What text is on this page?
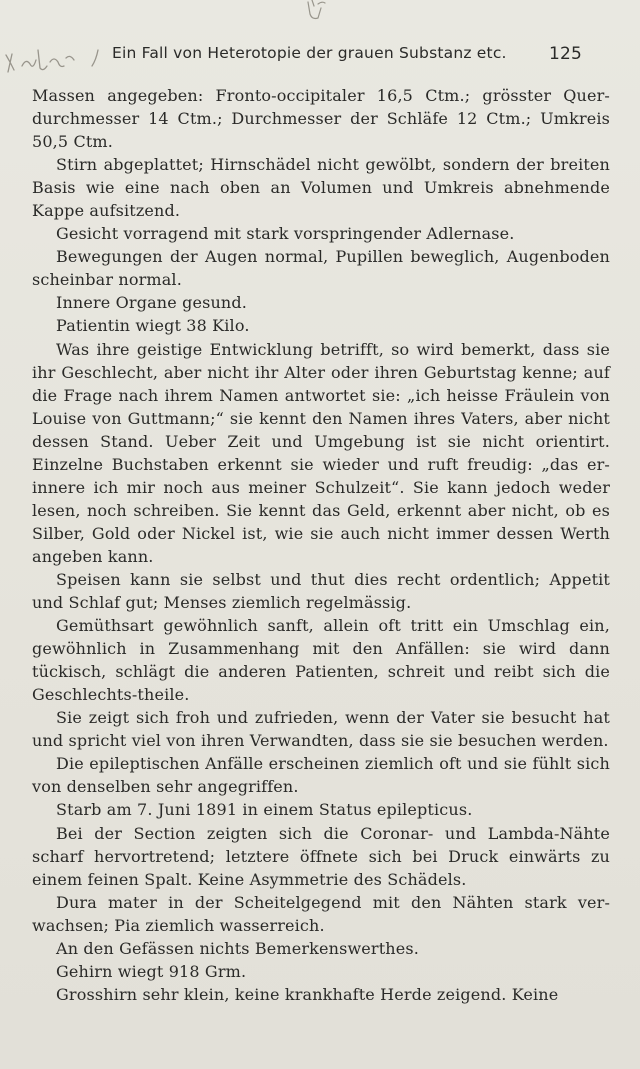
Ein Fall von Heterotopie der grauen Substanz etc. 125

Massen angegeben: Fronto-occipitaler 16,5 Ctm.; grösster Quer-durchmesser 14 Ctm.; Durchmesser der Schläfe 12 Ctm.; Umkreis 50,5 Ctm.

Stirn abgeplattet; Hirnschädel nicht gewölbt, sondern der breiten Basis wie eine nach oben an Volumen und Umkreis abnehmende Kappe aufsitzend.

Gesicht vorragend mit stark vorspringender Adlernase.

Bewegungen der Augen normal, Pupillen beweglich, Augenboden scheinbar normal.

Innere Organe gesund.

Patientin wiegt 38 Kilo.

Was ihre geistige Entwicklung betrifft, so wird bemerkt, dass sie ihr Geschlecht, aber nicht ihr Alter oder ihren Geburtstag kenne; auf die Frage nach ihrem Namen antwortet sie: „ich heisse Fräulein von Louise von Guttmann;“ sie kennt den Namen ihres Vaters, aber nicht dessen Stand. Ueber Zeit und Umgebung ist sie nicht orientirt. Einzelne Buchstaben erkennt sie wieder und ruft freudig: „das er-innere ich mir noch aus meiner Schulzeit“. Sie kann jedoch weder lesen, noch schreiben. Sie kennt das Geld, erkennt aber nicht, ob es Silber, Gold oder Nickel ist, wie sie auch nicht immer dessen Werth angeben kann.

Speisen kann sie selbst und thut dies recht ordentlich; Appetit und Schlaf gut; Menses ziemlich regelmässig.

Gemüthsart gewöhnlich sanft, allein oft tritt ein Umschlag ein, gewöhnlich in Zusammenhang mit den Anfällen: sie wird dann tückisch, schlägt die anderen Patienten, schreit und reibt sich die Geschlechts-theile.

Sie zeigt sich froh und zufrieden, wenn der Vater sie besucht hat und spricht viel von ihren Verwandten, dass sie sie besuchen werden.

Die epileptischen Anfälle erscheinen ziemlich oft und sie fühlt sich von denselben sehr angegriffen.

Starb am 7. Juni 1891 in einem Status epilepticus.

Bei der Section zeigten sich die Coronar- und Lambda-Nähte scharf hervortretend; letztere öffnete sich bei Druck einwärts zu einem feinen Spalt. Keine Asymmetrie des Schädels.

Dura mater in der Scheitelgegend mit den Nähten stark ver-wachsen; Pia ziemlich wasserreich.

An den Gefässen nichts Bemerkenswerthes.

Gehirn wiegt 918 Grm.

Grosshirn sehr klein, keine krankhafte Herde zeigend. Keine
